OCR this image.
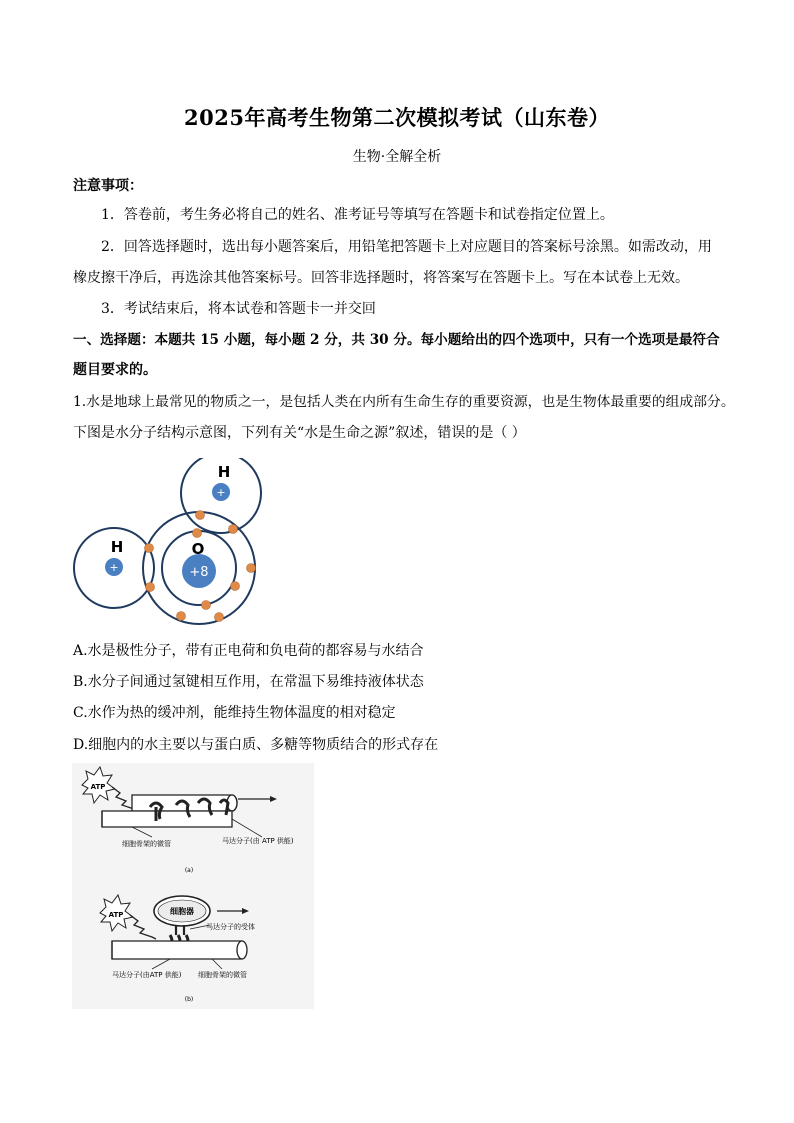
2025年高考生物第二次模拟考试（山东卷）
生物·全解全析
注意事项：
1．答卷前，考生务必将自己的姓名、准考证号等填写在答题卡和试卷指定位置上。
2．回答选择题时，选出每小题答案后，用铅笔把答题卡上对应题目的答案标号涂黑。如需改动，用
橡皮擦干净后，再选涂其他答案标号。回答非选择题时，将答案写在答题卡上。写在本试卷上无效。
3．考试结束后，将本试卷和答题卡一并交回
一、选择题：本题共 15 小题，每小题 2 分，共 30 分。每小题给出的四个选项中，只有一个选项是最符合
题目要求的。
1.水是地球上最常见的物质之一，是包括人类在内所有生命生存的重要资源，也是生物体最重要的组成部分。
下图是水分子结构示意图，下列有关“水是生命之源”叙述，错误的是（ ）
+
H
+
H
+8
O
A.水是极性分子，带有正电荷和负电荷的都容易与水结合
B.水分子间通过氢键相互作用，在常温下易维持液体状态
C.水作为热的缓冲剂，能维持生物体温度的相对稳定
D.细胞内的水主要以与蛋白质、多糖等物质结合的形式存在
ATP
细胞骨架的微管	马达分子(由 ATP 供能)
(a)
ATP	细胞器
马达分子的受体
马达分子(由ATP 供能) 细胞骨架的微管
(b)
